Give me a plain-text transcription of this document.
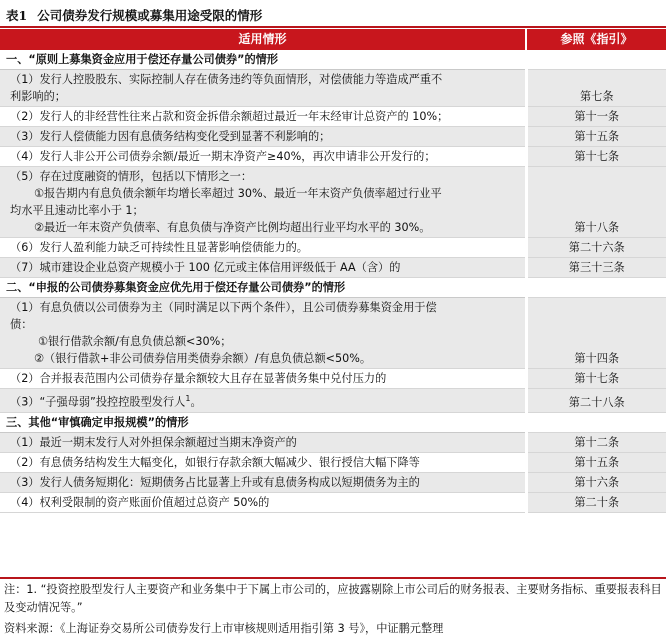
表1 公司债券发行规模或募集用途受限的情形
适用情形	参照《指引》
一、“原则上募集资金应用于偿还存量公司债券”的情形	

（1）发行人控股股东、实际控制人存在债务违约等负面情形，对偿债能力等造成严重不
利影响的；	第七条
（2）发行人的非经营性往来占款和资金拆借余额超过最近一年末经审计总资产的 10%；	第十一条
（3）发行人偿债能力因有息债务结构变化受到显著不利影响的；	第十五条
（4）发行人非公开公司债券余额/最近一期末净资产≥40%，再次申请非公开发行的；	第十七条

（5）存在过度融资的情形，包括以下情形之一：
①报告期内有息负债余额年均增长率超过 30%、最近一年末资产负债率超过行业平
均水平且速动比率小于 1；
②最近一年末资产负债率、有息负债与净资产比例均超出行业平均水平的 30%。	第十八条
（6）发行人盈利能力缺乏可持续性且显著影响偿债能力的。	第二十六条
（7）城市建设企业总资产规模小于 100 亿元或主体信用评级低于 AA（含）的	第三十三条
二、“申报的公司债券募集资金应优先用于偿还存量公司债券”的情形	

（1）有息负债以公司债券为主（同时满足以下两个条件），且公司债券募集资金用于偿
债：
①银行借款余额/有息负债总额<30%；
②（银行借款+非公司债券信用类债券余额）/有息负债总额<50%。	第十四条
（2）合并报表范围内公司债券存量余额较大且存在显著债务集中兑付压力的	第十七条
（3）“子强母弱”投控控股型发行人$^1$。	第二十八条
三、其他“审慎确定申报规模”的情形	
（1）最近一期末发行人对外担保余额超过当期末净资产的	第十二条
（2）有息债务结构发生大幅变化，如银行存款余额大幅减少、银行授信大幅下降等	第十五条
（3）发行人债务短期化：短期债务占比显著上升或有息债务构成以短期债务为主的	第十六条
（4）权利受限制的资产账面价值超过总资产 50%的	第二十条
注：1. “投资控股型发行人主要资产和业务集中于下属上市公司的，应披露剔除上市公司后的财务报表、主要财务指标、重要报表科目及变动情况等。”
资料来源：《上海证券交易所公司债券发行上市审核规则适用指引第 3 号》，中证鹏元整理
